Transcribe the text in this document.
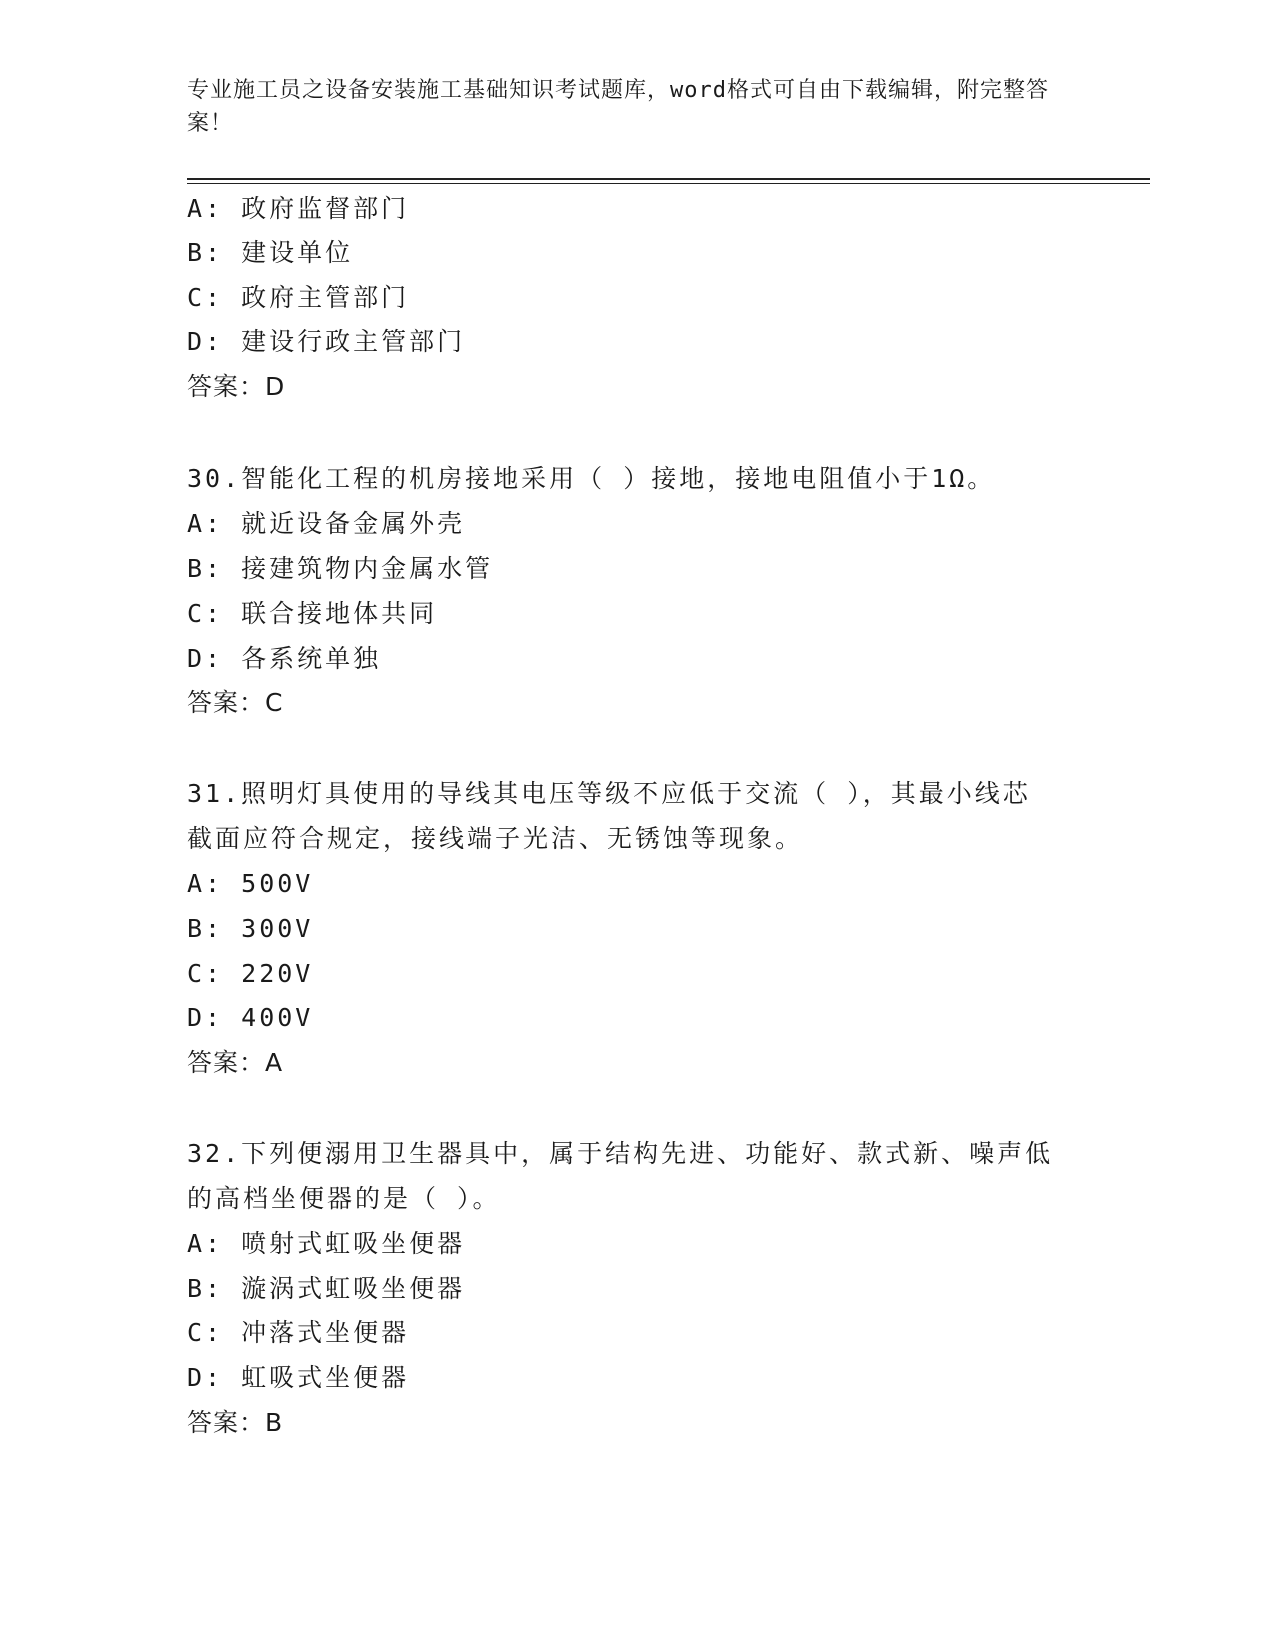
专业施工员之设备安装施工基础知识考试题库，word格式可自由下载编辑，附完整答案！
A: 政府监督部门
B: 建设单位
C: 政府主管部门
D: 建设行政主管部门
答案：D
30.智能化工程的机房接地采用（ ）接地，接地电阻值小于1Ω。
A: 就近设备金属外壳
B: 接建筑物内金属水管
C: 联合接地体共同
D: 各系统单独
答案：C
31.照明灯具使用的导线其电压等级不应低于交流（ ），其最小线芯
截面应符合规定，接线端子光洁、无锈蚀等现象。
A: 500V
B: 300V
C: 220V
D: 400V
答案：A
32.下列便溺用卫生器具中，属于结构先进、功能好、款式新、噪声低
的高档坐便器的是（ ）。
A: 喷射式虹吸坐便器
B: 漩涡式虹吸坐便器
C: 冲落式坐便器
D: 虹吸式坐便器
答案：B
